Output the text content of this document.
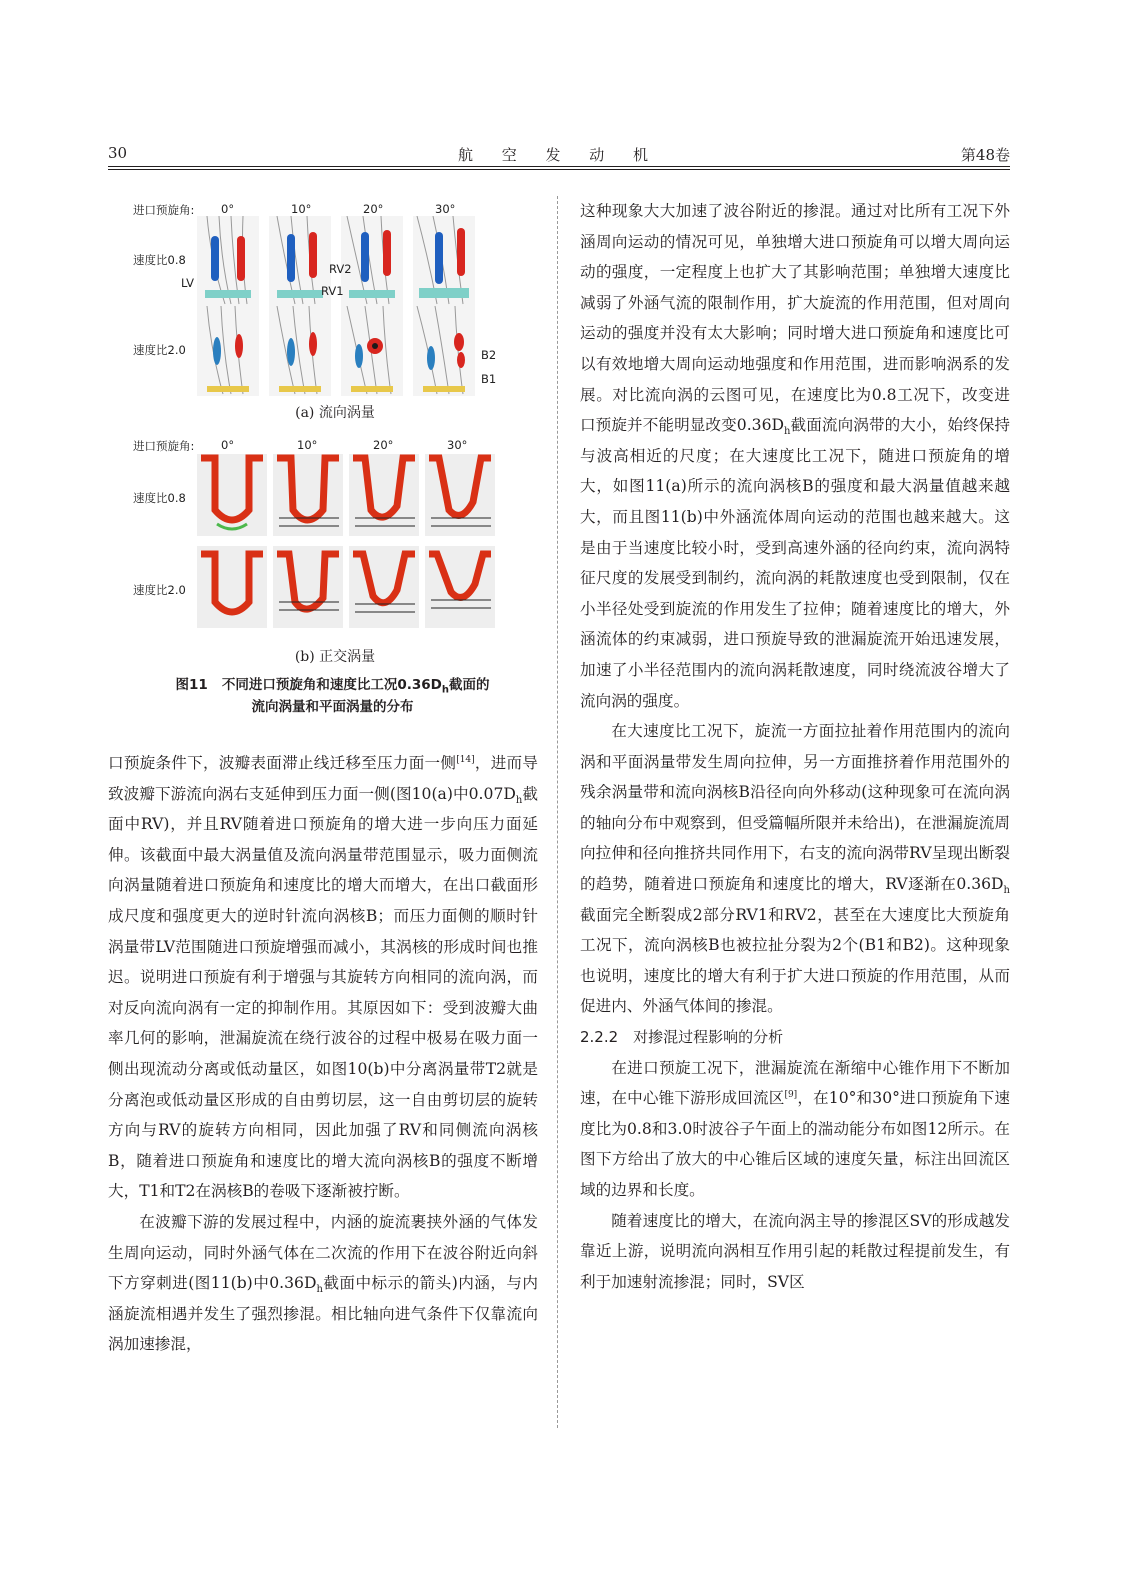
30	航 空 发 动 机	第48卷
进口预旋角: 0°	10°	20°	30°
速度比0.8
LV
速度比2.0
RV2
RV1
B2
B1
(a) 流向涡量
进口预旋角: 0°	10°	20°	30°
速度比0.8
速度比2.0
(b) 正交涡量
图11 不同进口预旋角和速度比工况$0.36D_h$截面的
流向涡量和平面涡量的分布

口预旋条件下，波瓣表面滞止线迁移至压力面一侧[14]，进而导致波瓣下游流向涡右支延伸到压力面一侧(图10(a)中$0.07D_h$截面中RV)，并且RV随着进口预旋角的增大进一步向压力面延伸。该截面中最大涡量值及流向涡量带范围显示，吸力面侧流向涡量随着进口预旋角和速度比的增大而增大，在出口截面形成尺度和强度更大的逆时针流向涡核B；而压力面侧的顺时针涡量带LV范围随进口预旋增强而减小，其涡核的形成时间也推迟。说明进口预旋有利于增强与其旋转方向相同的流向涡，而对反向流向涡有一定的抑制作用。其原因如下：受到波瓣大曲率几何的影响，泄漏旋流在绕行波谷的过程中极易在吸力面一侧出现流动分离或低动量区，如图10(b)中分离涡量带T2就是分离泡或低动量区形成的自由剪切层，这一自由剪切层的旋转方向与RV的旋转方向相同，因此加强了RV和同侧流向涡核B，随着进口预旋角和速度比的增大流向涡核B的强度不断增大，T1和T2在涡核B的卷吸下逐渐被拧断。

在波瓣下游的发展过程中，内涵的旋流裹挟外涵的气体发生周向运动，同时外涵气体在二次流的作用下在波谷附近向斜下方穿刺进(图11(b)中$0.36D_h$截面中标示的箭头)内涵，与内涵旋流相遇并发生了强烈掺混。相比轴向进气条件下仅靠流向涡加速掺混，

这种现象大大加速了波谷附近的掺混。通过对比所有工况下外涵周向运动的情况可见，单独增大进口预旋角可以增大周向运动的强度，一定程度上也扩大了其影响范围；单独增大速度比减弱了外涵气流的限制作用，扩大旋流的作用范围，但对周向运动的强度并没有太大影响；同时增大进口预旋角和速度比可以有效地增大周向运动地强度和作用范围，进而影响涡系的发展。对比流向涡的云图可见，在速度比为0.8工况下，改变进口预旋并不能明显改变$0.36D_h$截面流向涡带的大小，始终保持与波高相近的尺度；在大速度比工况下，随进口预旋角的增大，如图11(a)所示的流向涡核B的强度和最大涡量值越来越大，而且图11(b)中外涵流体周向运动的范围也越来越大。这是由于当速度比较小时，受到高速外涵的径向约束，流向涡特征尺度的发展受到制约，流向涡的耗散速度也受到限制，仅在小半径处受到旋流的作用发生了拉伸；随着速度比的增大，外涵流体的约束减弱，进口预旋导致的泄漏旋流开始迅速发展，加速了小半径范围内的流向涡耗散速度，同时绕流波谷增大了流向涡的强度。

在大速度比工况下，旋流一方面拉扯着作用范围内的流向涡和平面涡量带发生周向拉伸，另一方面推挤着作用范围外的残余涡量带和流向涡核B沿径向向外移动(这种现象可在流向涡的轴向分布中观察到，但受篇幅所限并未给出)，在泄漏旋流周向拉伸和径向推挤共同作用下，右支的流向涡带RV呈现出断裂的趋势，随着进口预旋角和速度比的增大，RV逐渐在$0.36D_h$截面完全断裂成2部分RV1和RV2，甚至在大速度比大预旋角工况下，流向涡核B也被拉扯分裂为2个(B1和B2)。这种现象也说明，速度比的增大有利于扩大进口预旋的作用范围，从而促进内、外涵气体间的掺混。

2.2.2　对掺混过程影响的分析

在进口预旋工况下，泄漏旋流在渐缩中心锥作用下不断加速，在中心锥下游形成回流区[9]，在10°和30°进口预旋角下速度比为0.8和3.0时波谷子午面上的湍动能分布如图12所示。在图下方给出了放大的中心锥后区域的速度矢量，标注出回流区域的边界和长度。

随着速度比的增大，在流向涡主导的掺混区SV的形成越发靠近上游，说明流向涡相互作用引起的耗散过程提前发生，有利于加速射流掺混；同时，SV区
